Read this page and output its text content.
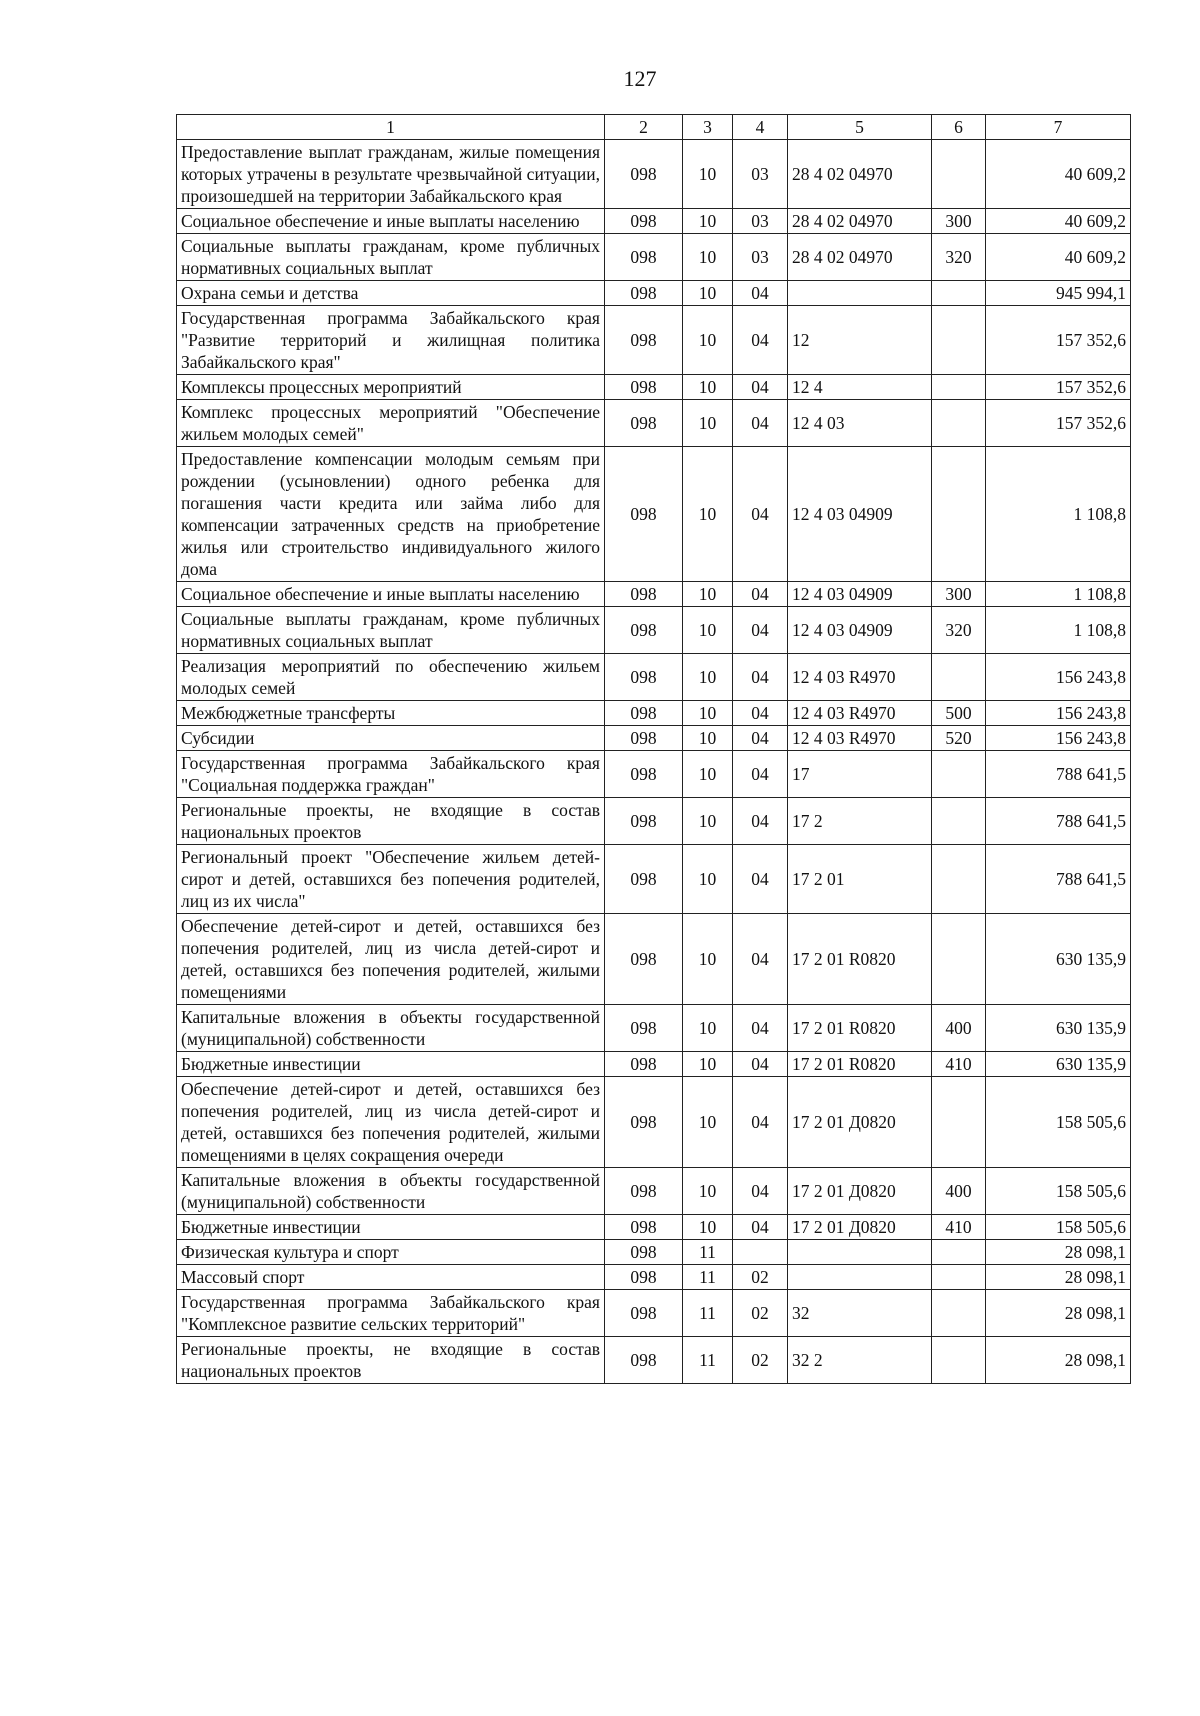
127
1	2	3	4	5	6	7
Предоставление выплат гражданам, жилые помещения которых утрачены в результате чрезвычайной ситуации, произошедшей на территории Забайкальского края	098	10	03	28 4 02 04970		40 609,2
Социальное обеспечение и иные выплаты населению	098	10	03	28 4 02 04970	300	40 609,2
Социальные выплаты гражданам, кроме публичных нормативных социальных выплат	098	10	03	28 4 02 04970	320	40 609,2
Охрана семьи и детства	098	10	04			945 994,1
Государственная программа Забайкальского края "Развитие территорий и жилищная политика Забайкальского края"	098	10	04	12		157 352,6
Комплексы процессных мероприятий	098	10	04	12 4		157 352,6
Комплекс процессных мероприятий "Обеспечение жильем молодых семей"	098	10	04	12 4 03		157 352,6
Предоставление компенсации молодым семьям при рождении (усыновлении) одного ребенка для погашения части кредита или займа либо для компенсации затраченных средств на приобретение жилья или строительство индивидуального жилого дома	098	10	04	12 4 03 04909		1 108,8
Социальное обеспечение и иные выплаты населению	098	10	04	12 4 03 04909	300	1 108,8
Социальные выплаты гражданам, кроме публичных нормативных социальных выплат	098	10	04	12 4 03 04909	320	1 108,8
Реализация мероприятий по обеспечению жильем молодых семей	098	10	04	12 4 03 R4970		156 243,8
Межбюджетные трансферты	098	10	04	12 4 03 R4970	500	156 243,8
Субсидии	098	10	04	12 4 03 R4970	520	156 243,8
Государственная программа Забайкальского края "Социальная поддержка граждан"	098	10	04	17		788 641,5
Региональные проекты, не входящие в состав национальных проектов	098	10	04	17 2		788 641,5
Региональный проект "Обеспечение жильем детей-сирот и детей, оставшихся без попечения родителей, лиц из их числа"	098	10	04	17 2 01		788 641,5
Обеспечение детей-сирот и детей, оставшихся без попечения родителей, лиц из числа детей-сирот и детей, оставшихся без попечения родителей, жилыми помещениями	098	10	04	17 2 01 R0820		630 135,9
Капитальные вложения в объекты государственной (муниципальной) собственности	098	10	04	17 2 01 R0820	400	630 135,9
Бюджетные инвестиции	098	10	04	17 2 01 R0820	410	630 135,9
Обеспечение детей-сирот и детей, оставшихся без попечения родителей, лиц из числа детей-сирот и детей, оставшихся без попечения родителей, жилыми помещениями в целях сокращения очереди	098	10	04	17 2 01 Д0820		158 505,6
Капитальные вложения в объекты государственной (муниципальной) собственности	098	10	04	17 2 01 Д0820	400	158 505,6
Бюджетные инвестиции	098	10	04	17 2 01 Д0820	410	158 505,6
Физическая культура и спорт	098	11				28 098,1
Массовый спорт	098	11	02			28 098,1
Государственная программа Забайкальского края "Комплексное развитие сельских территорий"	098	11	02	32		28 098,1
Региональные проекты, не входящие в состав национальных проектов	098	11	02	32 2		28 098,1
